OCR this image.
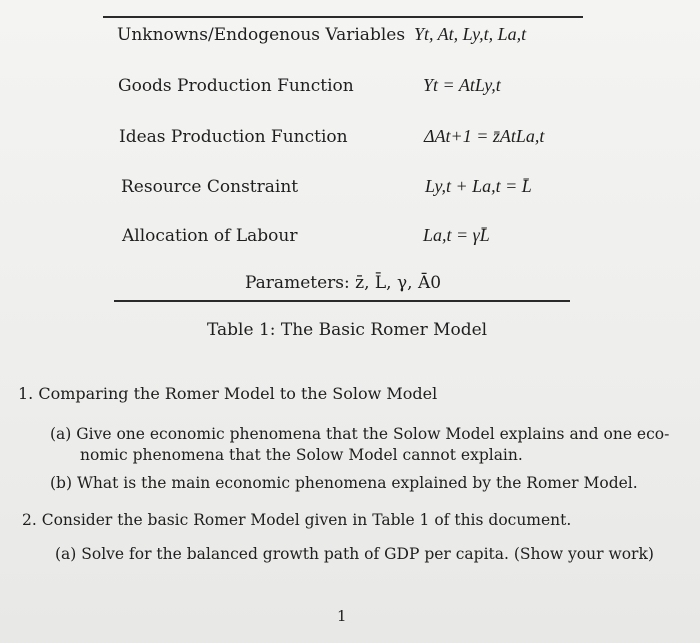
Unknowns/Endogenous Variables
Goods Production Function
Ideas Production Function
Resource Constraint
Allocation of Labour
Yt, At, Ly,t, La,t
Yt = AtLy,t
ΔAt+1 = z̄AtLa,t
Ly,t + La,t = L̄
La,t = γL̄
Parameters: z̄, L̄, γ, Ā0
Table 1: The Basic Romer Model
1. Comparing the Romer Model to the Solow Model
(a) Give one economic phenomena that the Solow Model explains and one eco-
nomic phenomena that the Solow Model cannot explain.
(b) What is the main economic phenomena explained by the Romer Model.
2. Consider the basic Romer Model given in Table 1 of this document.
(a) Solve for the balanced growth path of GDP per capita. (Show your work)
1
